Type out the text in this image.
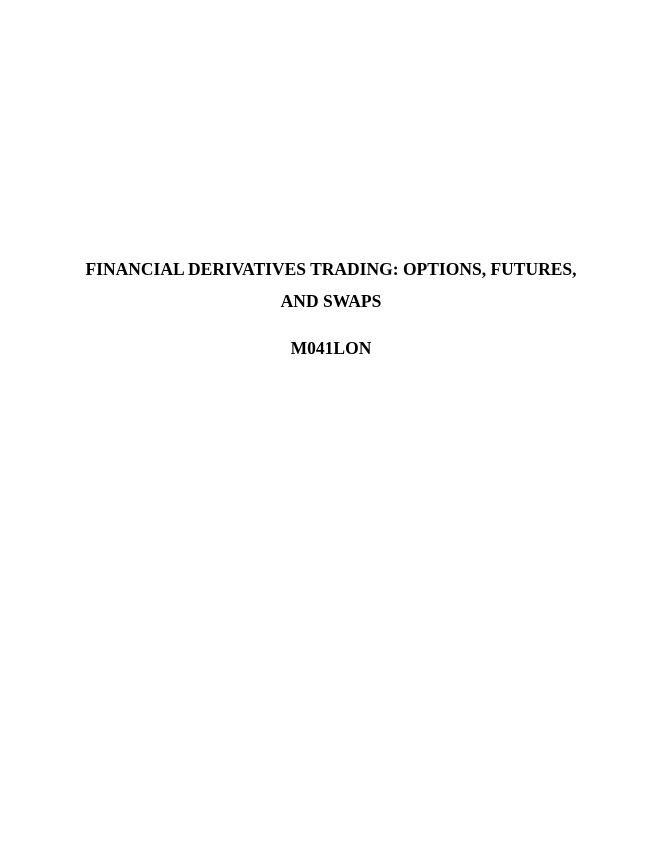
FINANCIAL DERIVATIVES TRADING: OPTIONS, FUTURES,
AND SWAPS
M041LON
